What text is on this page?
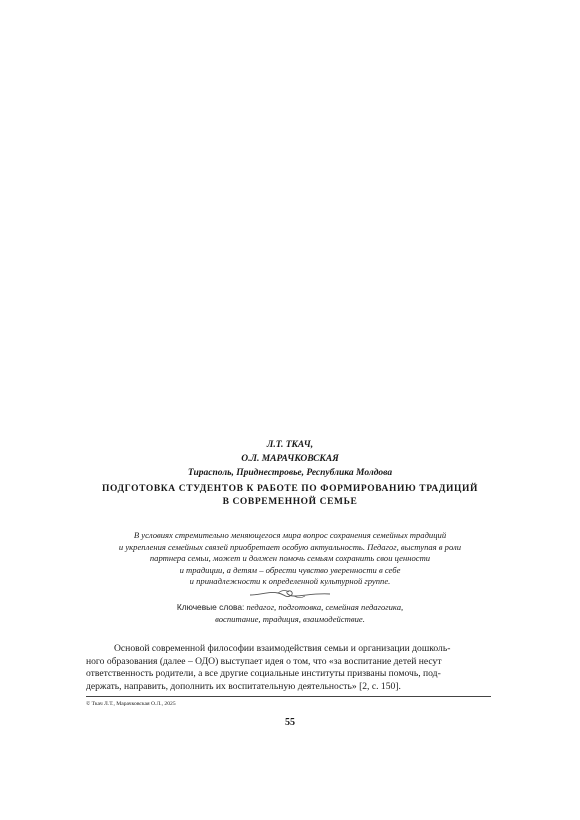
Л.Т. ТКАЧ,
О.Л. МАРАЧКОВСКАЯ
Тирасполь, Приднестровье, Республика Молдова
ПОДГОТОВКА СТУДЕНТОВ К РАБОТЕ ПО ФОРМИРОВАНИЮ ТРАДИЦИЙ
В СОВРЕМЕННОЙ СЕМЬЕ
В условиях стремительно меняющегося мира вопрос сохранения семейных традиций
и укрепления семейных связей приобретает особую актуальность. Педагог, выступая в роли
партнера семьи, может и должен помочь семьям сохранить свои ценности
и традиции, а детям – обрести чувство уверенности в себе
и принадлежности к определенной культурной группе.
Ключевые слова: педагог, подготовка, семейная педагогика,
воспитание, традиция, взаимодействие.
Основой современной философии взаимодействия семьи и организации дошколь-
ного образования (далее – ОДО) выступает идея о том, что «за воспитание детей несут
ответственность родители, а все другие социальные институты призваны помочь, под-
держать, направить, дополнить их воспитательную деятельность» [2, с. 150].
© Ткач Л.Т., Марачковская О.Л., 2025
55
